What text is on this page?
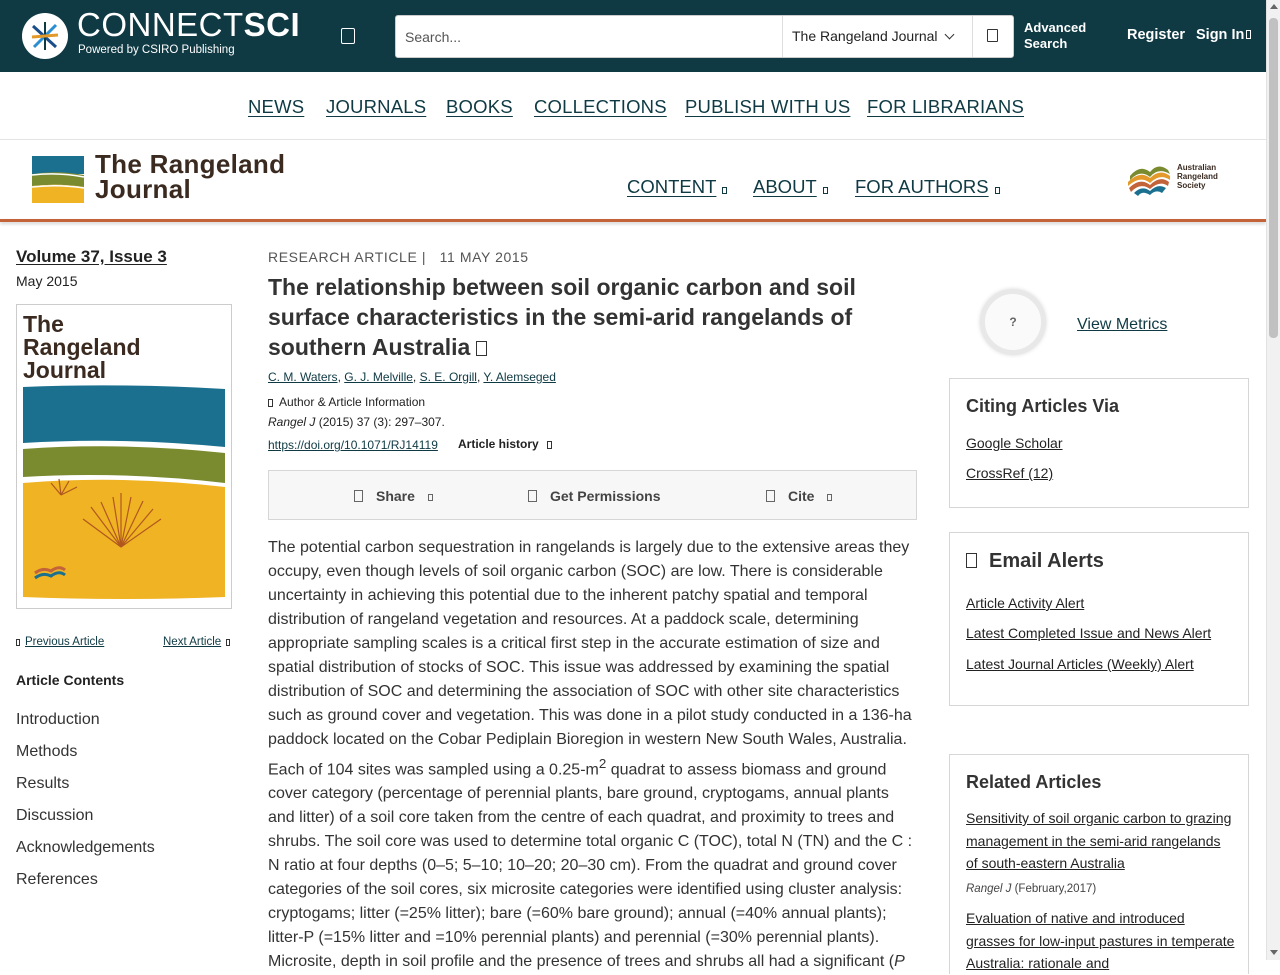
CONNECTSCI
Powered by CSIRO Publishing
Search...
The Rangeland Journal
Advanced Search
Register Sign In
NEWS JOURNALS BOOKS COLLECTIONS PUBLISH WITH US FOR LIBRARIANS
The Rangeland
Journal	CONTENT	ABOUT	FOR AUTHORS
Australian
Rangeland
Society
Volume 37, Issue 3
May 2015
The
Rangeland
Journal
Previous Article	Next Article
Article Contents
Introduction
Methods
Results
Discussion
Acknowledgements
References
RESEARCH ARTICLE |   11 MAY 2015
The relationship between soil organic carbon and soil surface characteristics in the semi-arid rangelands of southern Australia
C. M. Waters, G. J. Melville, S. E. Orgill, Y. Alemseged
Author & Article Information
Rangel J (2015) 37 (3): 297–307.
https://doi.org/10.1071/RJ14119 Article history
Share	Get Permissions	Cite
The potential carbon sequestration in rangelands is largely due to the extensive areas they occupy, even though levels of soil organic carbon (SOC) are low. There is considerable uncertainty in achieving this potential due to the inherent patchy spatial and temporal distribution of rangeland vegetation and resources. At a paddock scale, determining appropriate sampling scales is a critical first step in the accurate estimation of size and spatial distribution of stocks of SOC. This issue was addressed by examining the spatial distribution of SOC and determining the association of SOC with other site characteristics such as ground cover and vegetation. This was done in a pilot study conducted in a 136-ha paddock located on the Cobar Pediplain Bioregion in western New South Wales, Australia. Each of 104 sites was sampled using a $0.25-m^2$ quadrat to assess biomass and ground cover category (percentage of perennial plants, bare ground, cryptogams, annual plants and litter) of a soil core taken from the centre of each quadrat, and proximity to trees and shrubs. The soil core was used to determine total organic C (TOC), total N (TN) and the C : N ratio at four depths (0–5; 5–10; 10–20; 20–30 cm). From the quadrat and ground cover categories of the soil cores, six microsite categories were identified using cluster analysis: cryptogams; litter (=25% litter); bare (=60% bare ground); annual (=40% annual plants); litter-P (=15% litter and =10% perennial plants) and perennial (=30% perennial plants). Microsite, depth in soil profile and the presence of trees and shrubs all had a significant (P
?	View Metrics
Citing Articles Via
Google Scholar
CrossRef (12)
Email Alerts
Article Activity Alert
Latest Completed Issue and News Alert
Latest Journal Articles (Weekly) Alert
Related Articles
Sensitivity of soil organic carbon to grazing management in the semi-arid rangelands of south-eastern Australia
Rangel J (February,2017)
Evaluation of native and introduced grasses for low-input pastures in temperate Australia: rationale and
